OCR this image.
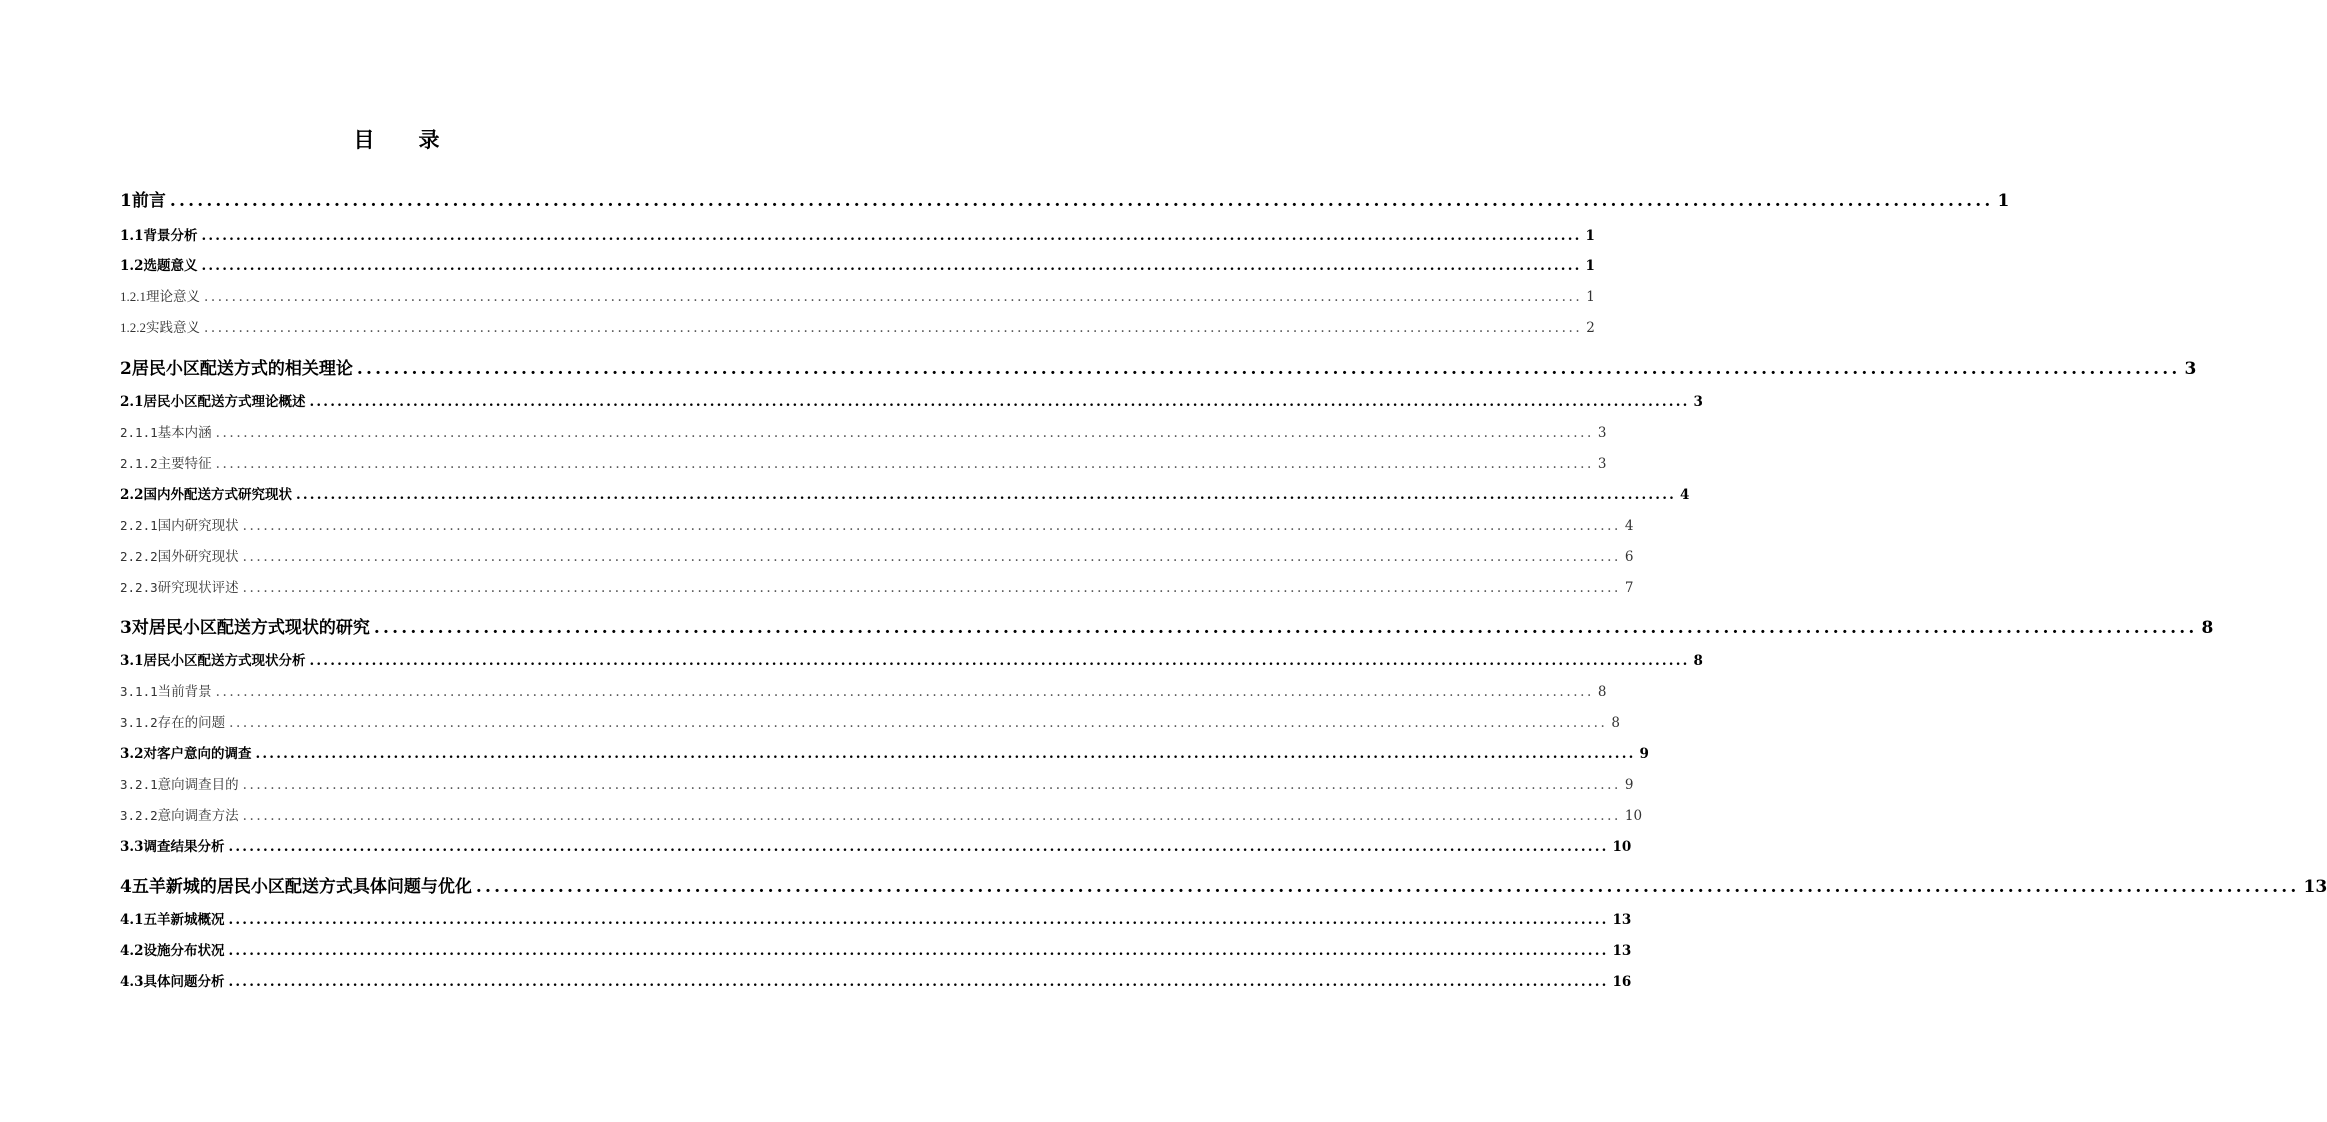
目 录
1 前言 ........................................................................................................................................................................................................ 1
1.1 背景分析 ........................................................................................................................................................................................................ 1
1.2 选题意义 ........................................................................................................................................................................................................ 1
1.2.1 理论意义 ........................................................................................................................................................................................................ 1
1.2.2 实践意义 ........................................................................................................................................................................................................ 2
2 居民小区配送方式的相关理论 ........................................................................................................................................................................................................ 3
2.1 居民小区配送方式理论概述 ........................................................................................................................................................................................................ 3
2.1.1 基本内涵 ........................................................................................................................................................................................................ 3
2.1.2 主要特征 ........................................................................................................................................................................................................ 3
2.2 国内外配送方式研究现状 ........................................................................................................................................................................................................ 4
2.2.1 国内研究现状 ........................................................................................................................................................................................................ 4
2.2.2 国外研究现状 ........................................................................................................................................................................................................ 6
2.2.3 研究现状评述 ........................................................................................................................................................................................................ 7
3 对居民小区配送方式现状的研究 ........................................................................................................................................................................................................ 8
3.1 居民小区配送方式现状分析 ........................................................................................................................................................................................................ 8
3.1.1 当前背景 ........................................................................................................................................................................................................ 8
3.1.2 存在的问题 ........................................................................................................................................................................................................ 8
3.2 对客户意向的调查 ........................................................................................................................................................................................................ 9
3.2.1 意向调查目的 ........................................................................................................................................................................................................ 9
3.2.2 意向调查方法 ........................................................................................................................................................................................................ 10
3.3 调查结果分析 ........................................................................................................................................................................................................ 10
4 五羊新城的居民小区配送方式具体问题与优化 ........................................................................................................................................................................................................ 13
4.1 五羊新城概况 ........................................................................................................................................................................................................ 13
4.2 设施分布状况 ........................................................................................................................................................................................................ 13
4.3 具体问题分析 ........................................................................................................................................................................................................ 16
